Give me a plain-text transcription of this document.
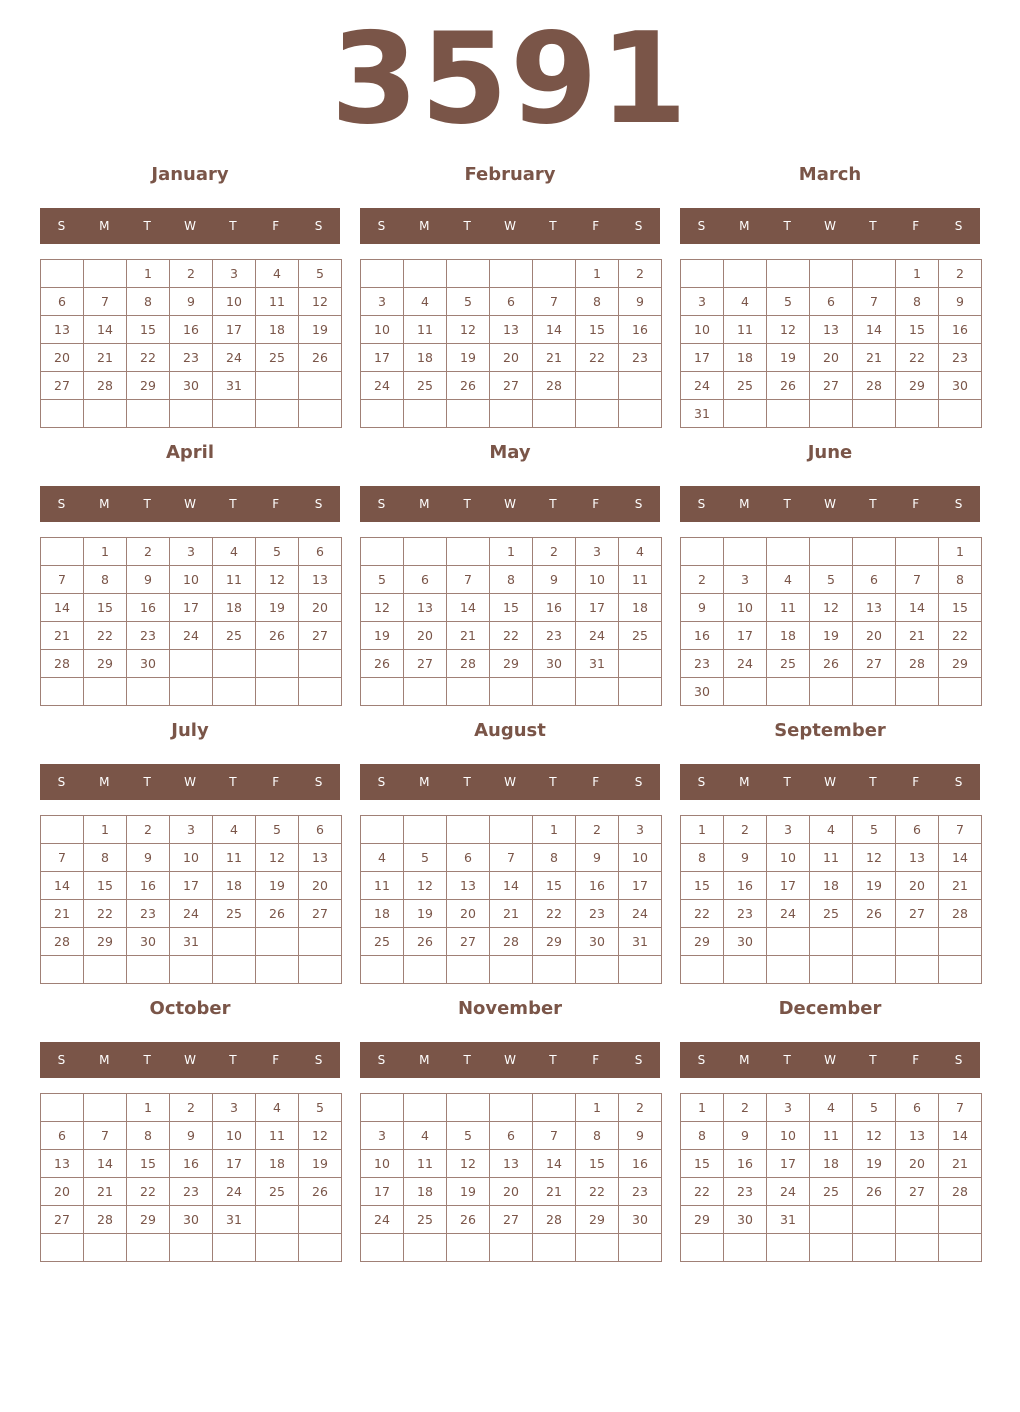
3591
January
S	M	T	W	T	F	S
		1	2	3	4	5
6	7	8	9	10	11	12
13	14	15	16	17	18	19
20	21	22	23	24	25	26
27	28	29	30	31		

February
S	M	T	W	T	F	S
					1	2
3	4	5	6	7	8	9
10	11	12	13	14	15	16
17	18	19	20	21	22	23
24	25	26	27	28		

March
S	M	T	W	T	F	S
					1	2
3	4	5	6	7	8	9
10	11	12	13	14	15	16
17	18	19	20	21	22	23
24	25	26	27	28	29	30
31						
April
S	M	T	W	T	F	S
	1	2	3	4	5	6
7	8	9	10	11	12	13
14	15	16	17	18	19	20
21	22	23	24	25	26	27
28	29	30				

May
S	M	T	W	T	F	S
			1	2	3	4
5	6	7	8	9	10	11
12	13	14	15	16	17	18
19	20	21	22	23	24	25
26	27	28	29	30	31	

June
S	M	T	W	T	F	S
						1
2	3	4	5	6	7	8
9	10	11	12	13	14	15
16	17	18	19	20	21	22
23	24	25	26	27	28	29
30						
July
S	M	T	W	T	F	S
	1	2	3	4	5	6
7	8	9	10	11	12	13
14	15	16	17	18	19	20
21	22	23	24	25	26	27
28	29	30	31			

August
S	M	T	W	T	F	S
				1	2	3
4	5	6	7	8	9	10
11	12	13	14	15	16	17
18	19	20	21	22	23	24
25	26	27	28	29	30	31

September
S	M	T	W	T	F	S
1	2	3	4	5	6	7
8	9	10	11	12	13	14
15	16	17	18	19	20	21
22	23	24	25	26	27	28
29	30					

October
S	M	T	W	T	F	S
		1	2	3	4	5
6	7	8	9	10	11	12
13	14	15	16	17	18	19
20	21	22	23	24	25	26
27	28	29	30	31		

November
S	M	T	W	T	F	S
					1	2
3	4	5	6	7	8	9
10	11	12	13	14	15	16
17	18	19	20	21	22	23
24	25	26	27	28	29	30

December
S	M	T	W	T	F	S
1	2	3	4	5	6	7
8	9	10	11	12	13	14
15	16	17	18	19	20	21
22	23	24	25	26	27	28
29	30	31				
